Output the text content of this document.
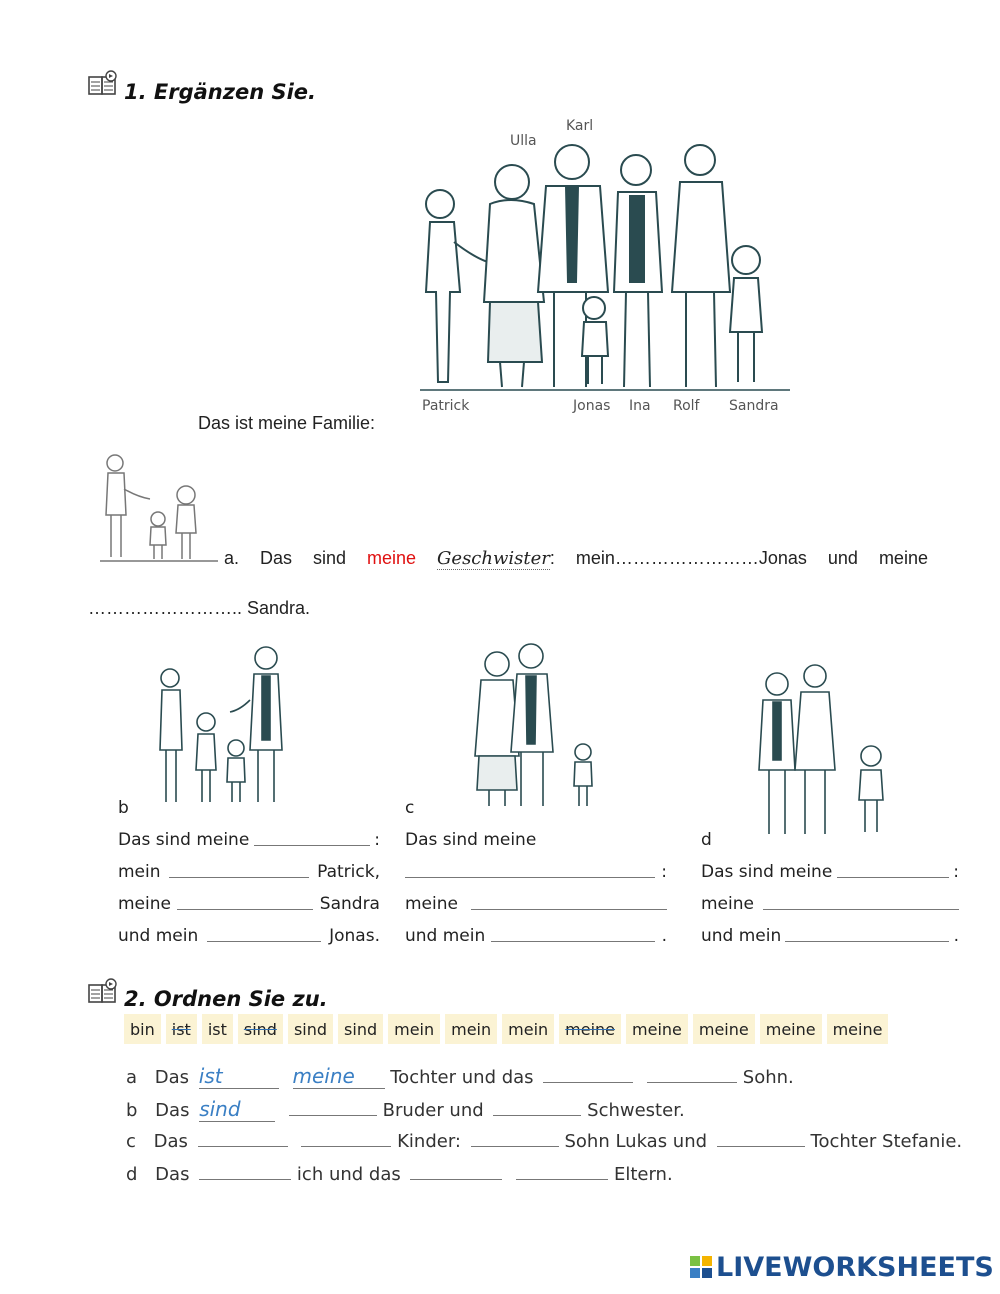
1. Ergänzen Sie.
Karl
Ulla
Patrick	Jonas Ina Rolf Sandra
Das ist meine Familie:
a. Das sind meine Geschwister: mein……………………Jonas und meine
…………………….. Sandra.
b
Das sind meine	:
mein	Patrick,
meine	Sandra
und mein	Jonas.
c
Das sind meine
:
meine
und mein	.
d
Das sind meine	:
meine
und mein	.
2. Ordnen Sie zu.
bin	ist	ist	sind	sind	sind	mein	mein	mein	meine	meine	meine	meine	meine
a Das ist	meine Tochter und das	Sohn.
b Das sind	Bruder und	Schwester.
c Das	Kinder:	Sohn Lukas und	Tochter Stefanie.
d Das	ich und das	Eltern.
LIVEWORKSHEETS
